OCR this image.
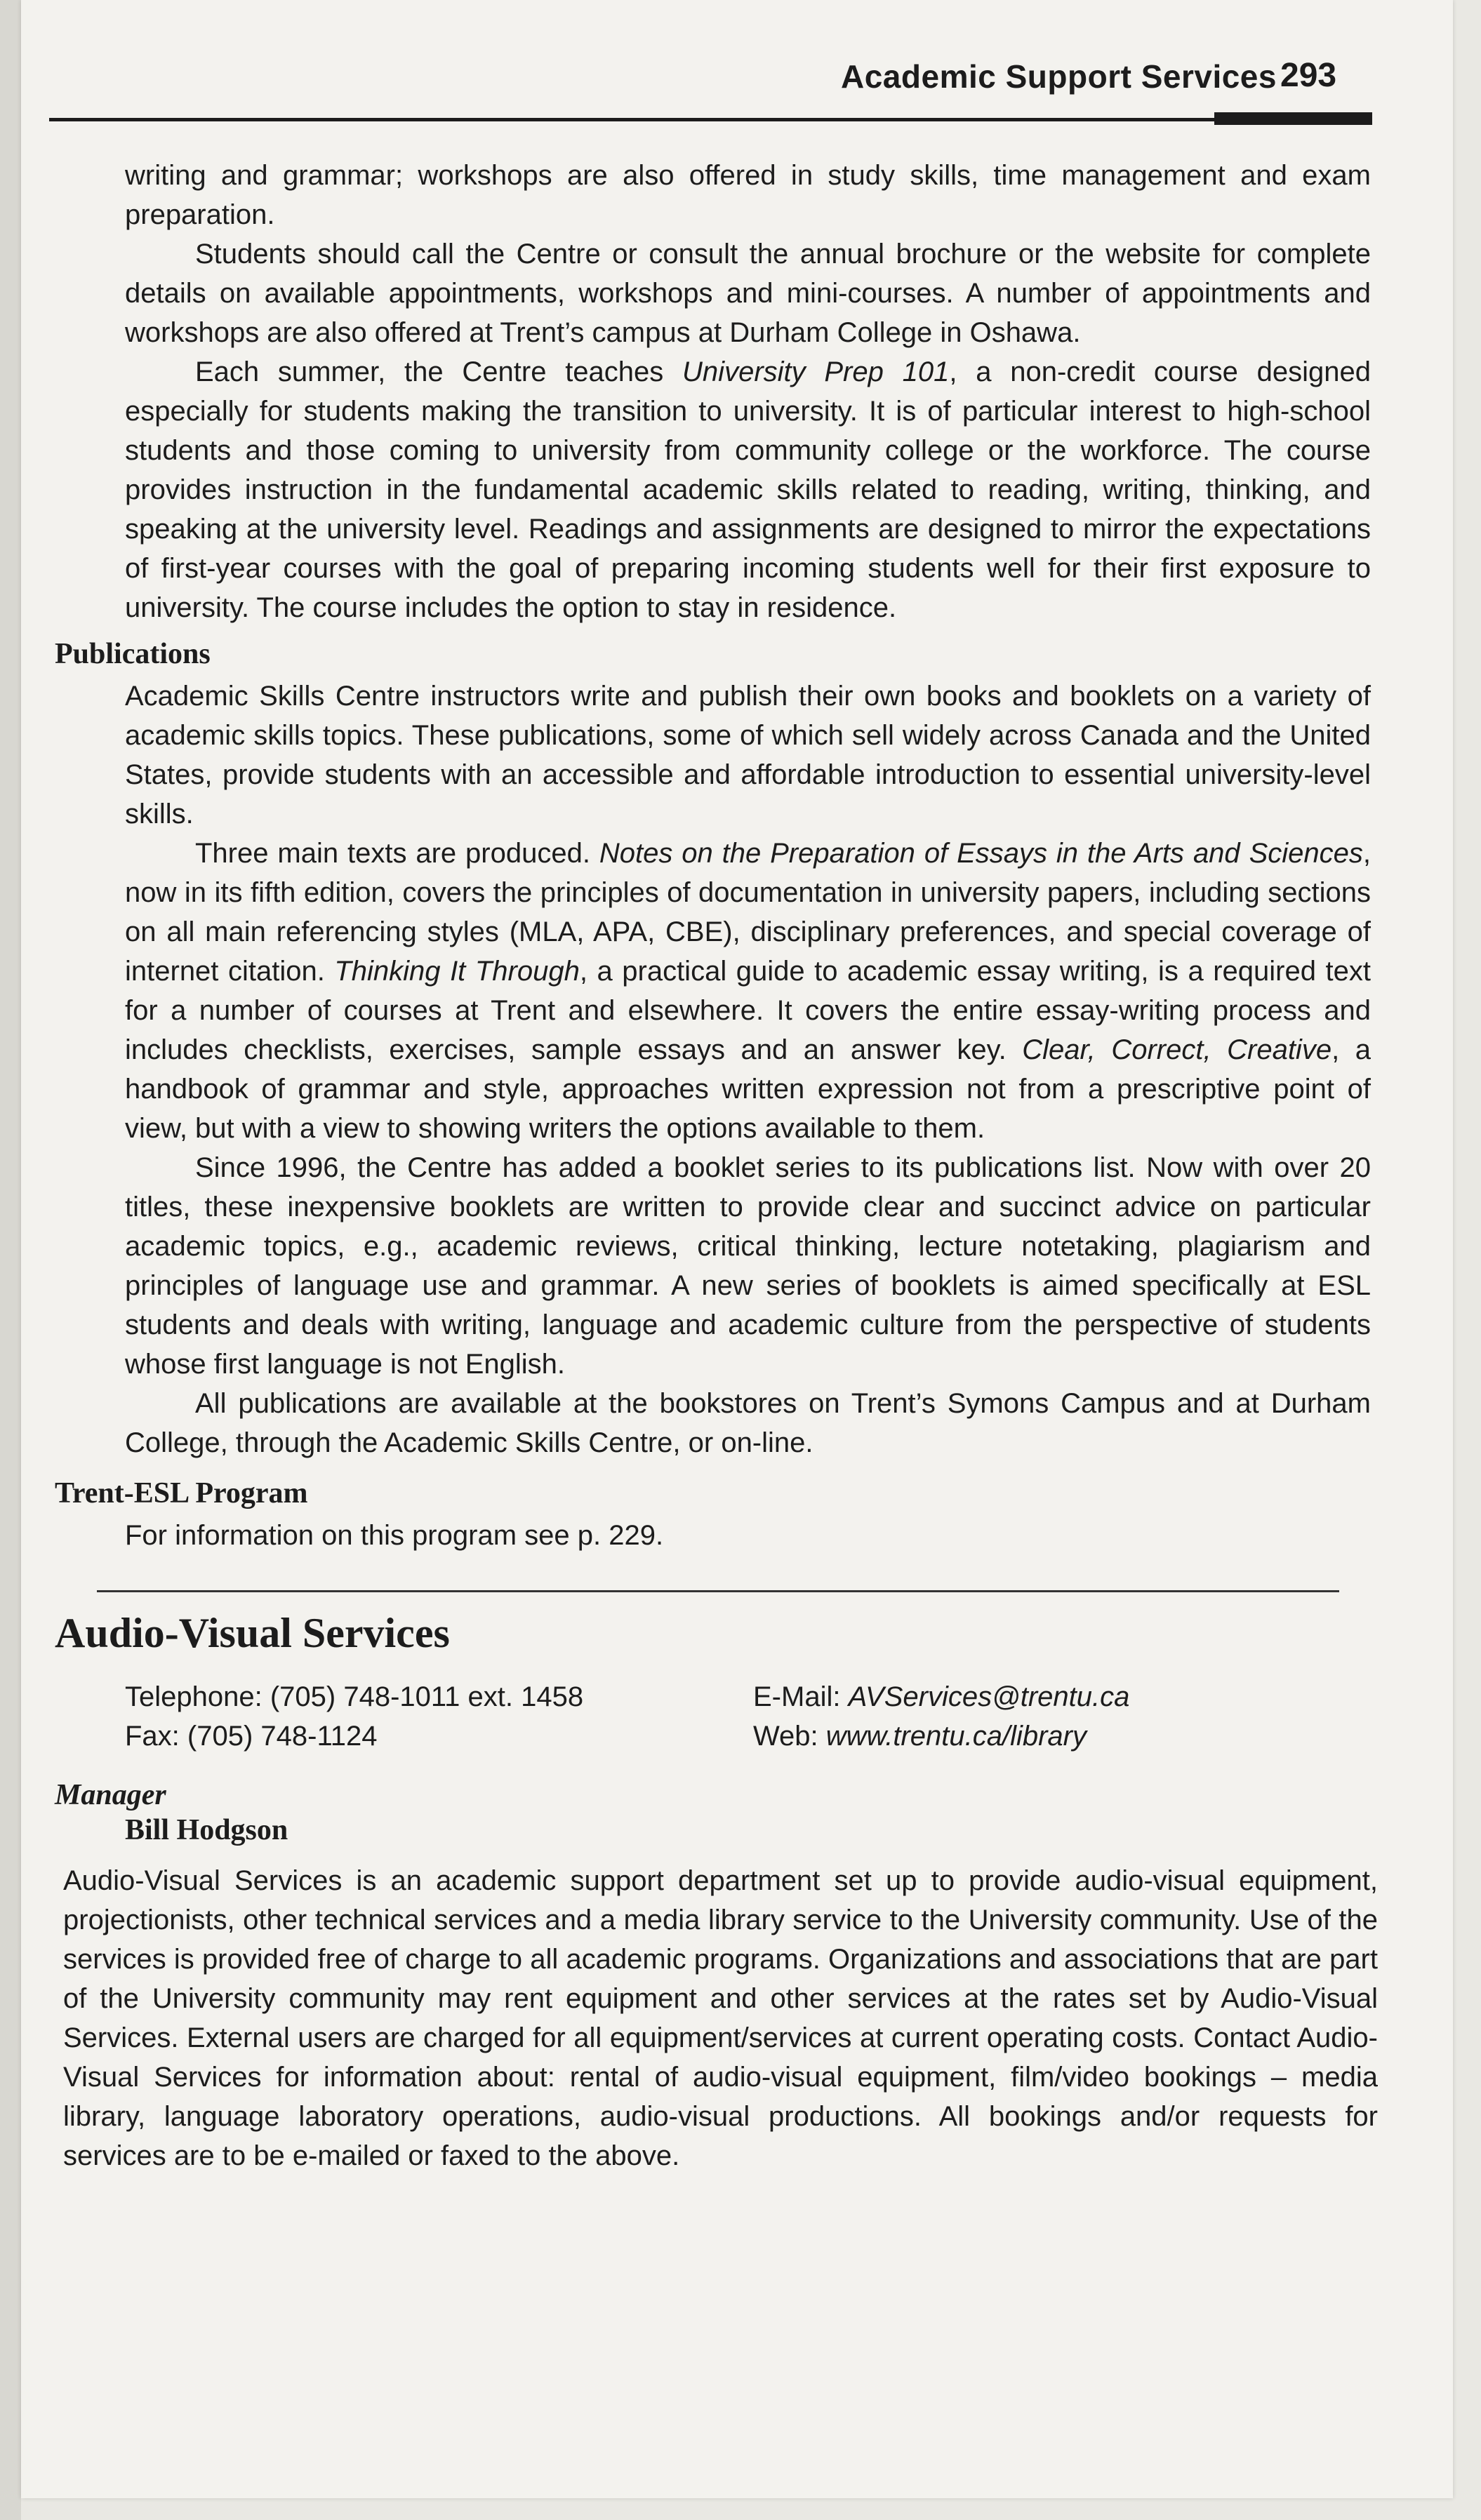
Academic Support Services 293

writing and grammar; workshops are also offered in study skills, time management and exam preparation.

Students should call the Centre or consult the annual brochure or the website for complete details on available appointments, workshops and mini-courses. A number of appointments and workshops are also offered at Trent’s campus at Durham College in Oshawa.

Each summer, the Centre teaches University Prep 101, a non-credit course designed especially for students making the transition to university. It is of particular interest to high-school students and those coming to university from community college or the workforce. The course provides instruction in the fundamental academic skills related to reading, writing, thinking, and speaking at the university level. Readings and assignments are designed to mirror the expectations of first-year courses with the goal of preparing incoming students well for their first exposure to university. The course includes the option to stay in residence.

Publications

Academic Skills Centre instructors write and publish their own books and booklets on a variety of academic skills topics. These publications, some of which sell widely across Canada and the United States, provide students with an accessible and affordable introduction to essential university-level skills.

Three main texts are produced. Notes on the Preparation of Essays in the Arts and Sciences, now in its fifth edition, covers the principles of documentation in university papers, including sections on all main referencing styles (MLA, APA, CBE), disciplinary preferences, and special coverage of internet citation. Thinking It Through, a practical guide to academic essay writing, is a required text for a number of courses at Trent and elsewhere. It covers the entire essay-writing process and includes checklists, exercises, sample essays and an answer key. Clear, Correct, Creative, a handbook of grammar and style, approaches written expression not from a prescriptive point of view, but with a view to showing writers the options available to them.

Since 1996, the Centre has added a booklet series to its publications list. Now with over 20 titles, these inexpensive booklets are written to provide clear and succinct advice on particular academic topics, e.g., academic reviews, critical thinking, lecture notetaking, plagiarism and principles of language use and grammar. A new series of booklets is aimed specifically at ESL students and deals with writing, language and academic culture from the perspective of students whose first language is not English.

All publications are available at the bookstores on Trent’s Symons Campus and at Durham College, through the Academic Skills Centre, or on-line.

Trent-ESL Program

For information on this program see p. 229.

Audio-Visual Services
Telephone: (705) 748-1011 ext. 1458
Fax: (705) 748-1124
E-Mail: AVServices@trentu.ca
Web: www.trentu.ca/library
Manager
Bill Hodgson

Audio-Visual Services is an academic support department set up to provide audio-visual equipment, projectionists, other technical services and a media library service to the University community. Use of the services is provided free of charge to all academic programs. Organizations and associations that are part of the University community may rent equipment and other services at the rates set by Audio-Visual Services. External users are charged for all equipment/services at current operating costs. Contact Audio-Visual Services for information about: rental of audio-visual equipment, film/video bookings – media library, language laboratory operations, audio-visual productions. All bookings and/or requests for services are to be e-mailed or faxed to the above.
